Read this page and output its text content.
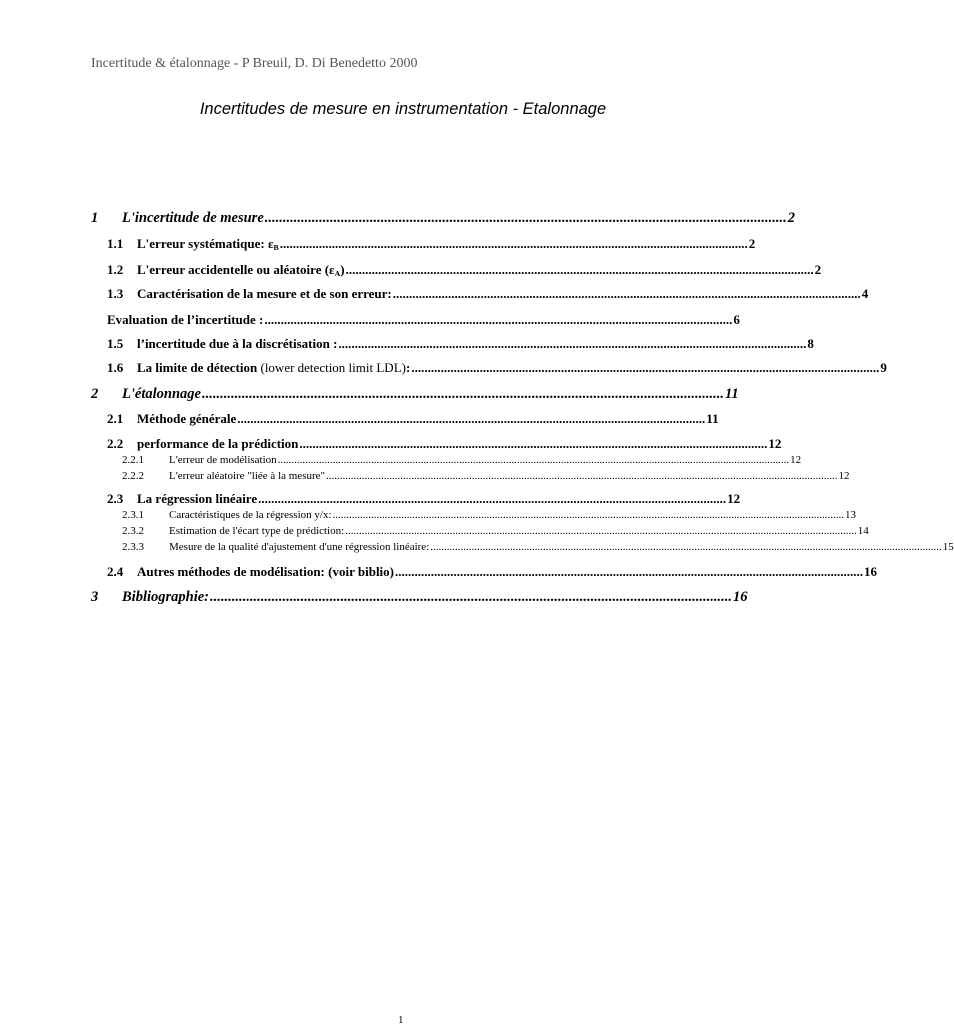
Incertitude & étalonnage - P Breuil, D. Di Benedetto 2000
Incertitudes de mesure en instrumentation - Etalonnage
1 L'incertitude de mesure ................................................................................................................................................ 2
1.1 L'erreur systématique: εB ................................................................................................................................................ 2
1.2 L'erreur accidentelle ou aléatoire (εA) ................................................................................................................................................ 2
1.3 Caractérisation de la mesure et de son erreur: ................................................................................................................................................ 4
Evaluation de l’incertitude : ................................................................................................................................................ 6
1.5 l’incertitude due à la discrétisation : ................................................................................................................................................ 8
1.6 La limite de détection (lower detection limit LDL): ................................................................................................................................................ 9
2 L'étalonnage ................................................................................................................................................ 11
2.1 Méthode générale ................................................................................................................................................ 11
2.2 performance de la prédiction ................................................................................................................................................ 12
2.2.1 L'erreur de modélisation .......................................................................................................................................................................................... 12
2.2.2 L'erreur aléatoire "liée à la mesure" .......................................................................................................................................................................................... 12
2.3 La régression linéaire ................................................................................................................................................ 12
2.3.1 Caractéristiques de la régression y/x: .......................................................................................................................................................................................... 13
2.3.2 Estimation de l'écart type de prédiction: .......................................................................................................................................................................................... 14
2.3.3 Mesure de la qualité d'ajustement d'une régression linéaire: .......................................................................................................................................................................................... 15
2.4 Autres méthodes de modélisation: (voir biblio) ................................................................................................................................................ 16
3 Bibliographie: ................................................................................................................................................ 16
1
